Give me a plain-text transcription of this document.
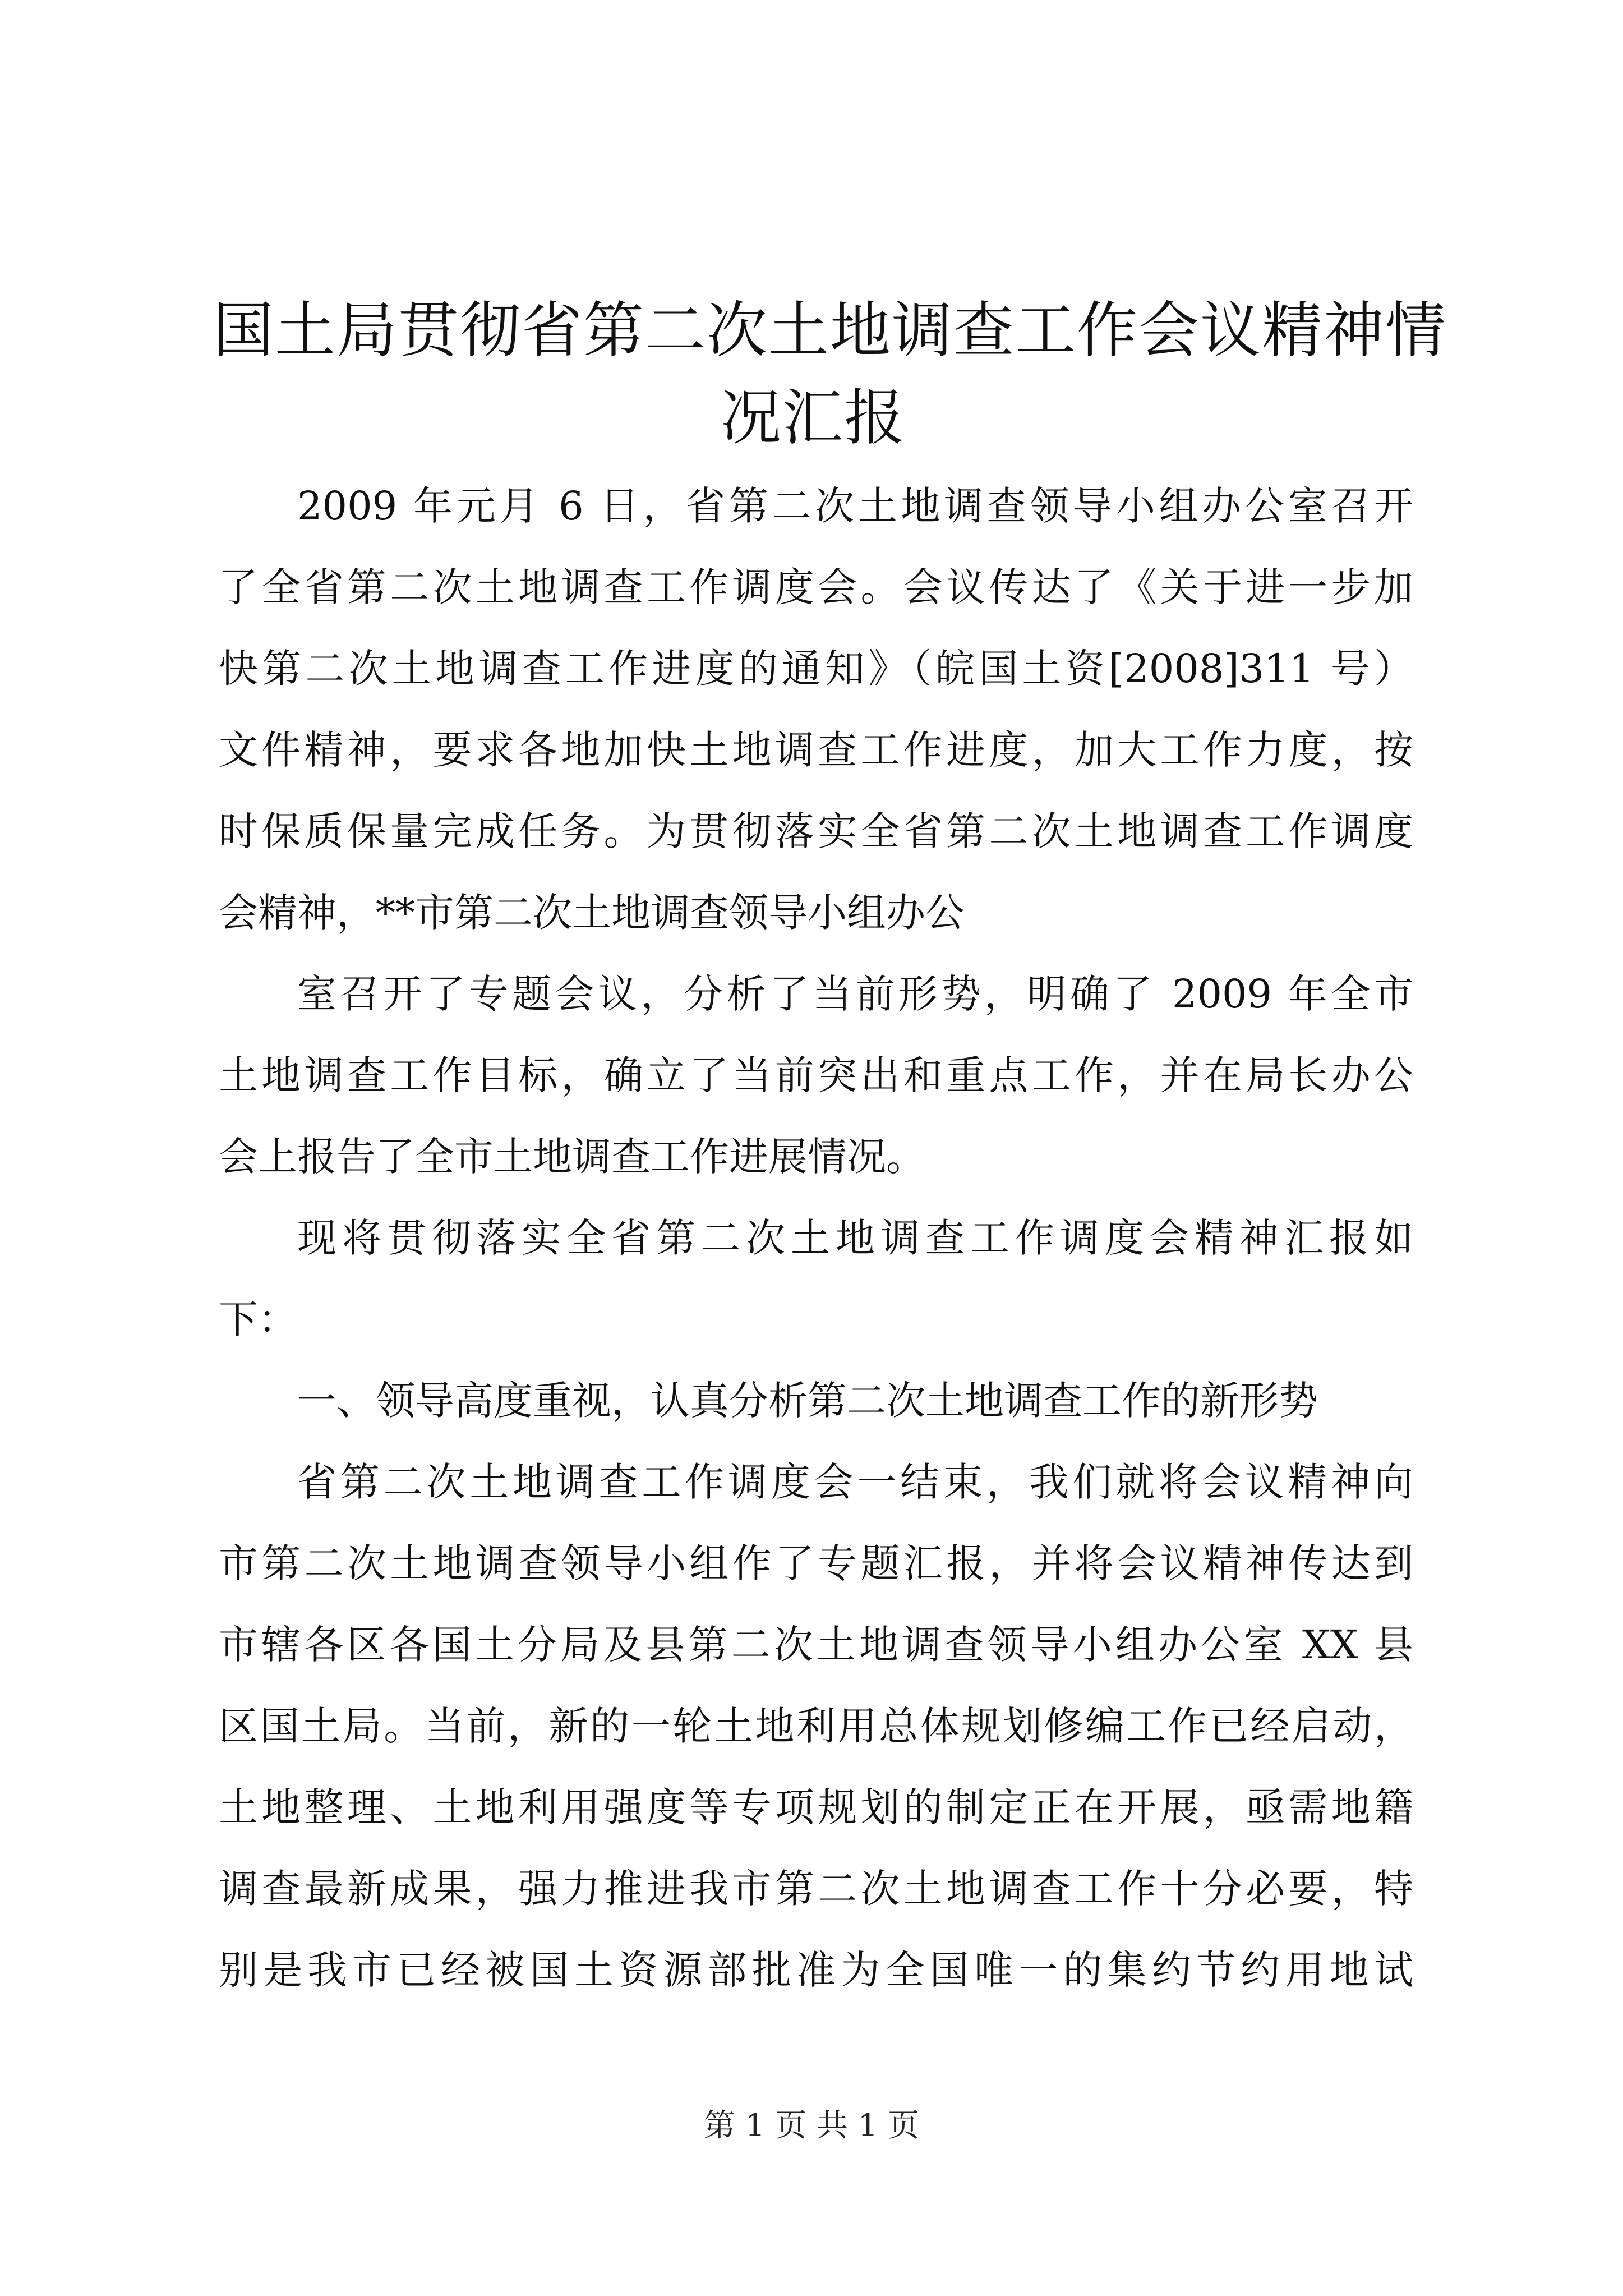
国土局贯彻省第二次土地调查工作会议精神情
况汇报
2009 年元月 6 日，省第二次土地调查领导小组办公室召开
了全省第二次土地调查工作调度会。会议传达了《关于进一步加
快第二次土地调查工作进度的通知》（皖国土资[2008]311 号）
文件精神，要求各地加快土地调查工作进度，加大工作力度，按
时保质保量完成任务。为贯彻落实全省第二次土地调查工作调度
会精神，**市第二次土地调查领导小组办公
室召开了专题会议，分析了当前形势，明确了 2009 年全市
土地调查工作目标，确立了当前突出和重点工作，并在局长办公
会上报告了全市土地调查工作进展情况。
现将贯彻落实全省第二次土地调查工作调度会精神汇报如
下：
一、领导高度重视，认真分析第二次土地调查工作的新形势
省第二次土地调查工作调度会一结束，我们就将会议精神向
市第二次土地调查领导小组作了专题汇报，并将会议精神传达到
市辖各区各国土分局及县第二次土地调查领导小组办公室 XX 县
区国土局。当前，新的一轮土地利用总体规划修编工作已经启动，
土地整理、土地利用强度等专项规划的制定正在开展，亟需地籍
调查最新成果，强力推进我市第二次土地调查工作十分必要，特
别是我市已经被国土资源部批准为全国唯一的集约节约用地试
第 1 页 共 1 页
